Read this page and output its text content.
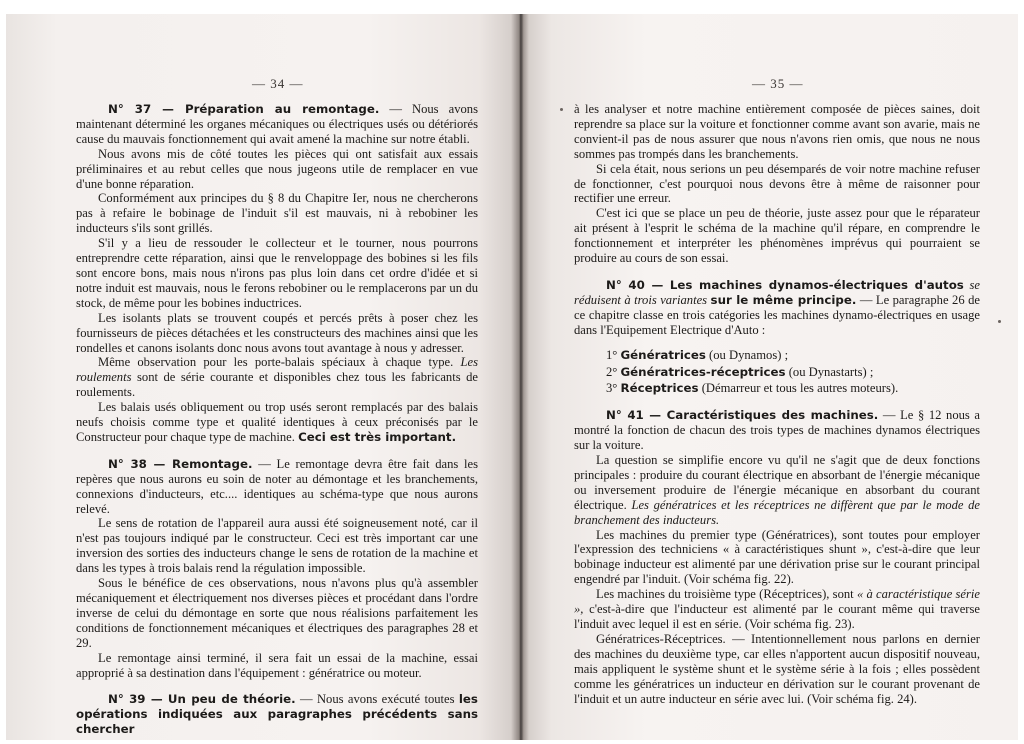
— 34 —

N° 37 — Préparation au remontage. — Nous avons maintenant déterminé les organes mécaniques ou électriques usés ou détériorés cause du mauvais fonctionnement qui avait amené la machine sur notre établi.

Nous avons mis de côté toutes les pièces qui ont satisfait aux essais préliminaires et au rebut celles que nous jugeons utile de remplacer en vue d'une bonne réparation.

Conformément aux principes du § 8 du Chapitre Ier, nous ne chercherons pas à refaire le bobinage de l'induit s'il est mauvais, ni à rebobiner les inducteurs s'ils sont grillés.

S'il y a lieu de ressouder le collecteur et le tourner, nous pourrons entreprendre cette réparation, ainsi que le renveloppage des bobines si les fils sont encore bons, mais nous n'irons pas plus loin dans cet ordre d'idée et si notre induit est mauvais, nous le ferons rebobiner ou le remplacerons par un du stock, de même pour les bobines inductrices.

Les isolants plats se trouvent coupés et percés prêts à poser chez les fournisseurs de pièces détachées et les constructeurs des machines ainsi que les rondelles et canons isolants donc nous avons tout avantage à nous y adresser.

Même observation pour les porte-balais spéciaux à chaque type. Les roulements sont de série courante et disponibles chez tous les fabricants de roulements.

Les balais usés obliquement ou trop usés seront remplacés par des balais neufs choisis comme type et qualité identiques à ceux préconisés par le Constructeur pour chaque type de machine. Ceci est très important.

N° 38 — Remontage. — Le remontage devra être fait dans les repères que nous aurons eu soin de noter au démontage et les branchements, connexions d'inducteurs, etc.... identiques au schéma-type que nous aurons relevé.

Le sens de rotation de l'appareil aura aussi été soigneusement noté, car il n'est pas toujours indiqué par le constructeur. Ceci est très important car une inversion des sorties des inducteurs change le sens de rotation de la machine et dans les types à trois balais rend la régulation impossible.

Sous le bénéfice de ces observations, nous n'avons plus qu'à assembler mécaniquement et électriquement nos diverses pièces et procédant dans l'ordre inverse de celui du démontage en sorte que nous réalisions parfaitement les conditions de fonctionnement mécaniques et électriques des paragraphes 28 et 29.

Le remontage ainsi terminé, il sera fait un essai de la machine, essai approprié à sa destination dans l'équipement : génératrice ou moteur.

N° 39 — Un peu de théorie. — Nous avons exécuté toutes les opérations indiquées aux paragraphes précédents sans chercher

— 35 —

à les analyser et notre machine entièrement composée de pièces saines, doit reprendre sa place sur la voiture et fonctionner comme avant son avarie, mais ne convient-il pas de nous assurer que nous n'avons rien omis, que nous ne nous sommes pas trompés dans les branchements.

Si cela était, nous serions un peu désemparés de voir notre machine refuser de fonctionner, c'est pourquoi nous devons être à même de raisonner pour rectifier une erreur.

C'est ici que se place un peu de théorie, juste assez pour que le réparateur ait présent à l'esprit le schéma de la machine qu'il répare, en comprendre le fonctionnement et interpréter les phénomènes imprévus qui pourraient se produire au cours de son essai.

N° 40 — Les machines dynamos-électriques d'autos se réduisent à trois variantes sur le même principe. — Le paragraphe 26 de ce chapitre classe en trois catégories les machines dynamo-électriques en usage dans l'Equipement Electrique d'Auto :

1° Génératrices (ou Dynamos) ;

2° Génératrices-réceptrices (ou Dynastarts) ;

3° Réceptrices (Démarreur et tous les autres moteurs).

N° 41 — Caractéristiques des machines. — Le § 12 nous a montré la fonction de chacun des trois types de machines dynamos électriques sur la voiture.

La question se simplifie encore vu qu'il ne s'agit que de deux fonctions principales : produire du courant électrique en absorbant de l'énergie mécanique ou inversement produire de l'énergie mécanique en absorbant du courant électrique. Les génératrices et les réceptrices ne diffèrent que par le mode de branchement des inducteurs.

Les machines du premier type (Génératrices), sont toutes pour employer l'expression des techniciens « à caractéristiques shunt », c'est-à-dire que leur bobinage inducteur est alimenté par une dérivation prise sur le courant principal engendré par l'induit. (Voir schéma fig. 22).

Les machines du troisième type (Réceptrices), sont « à caractéristique série », c'est-à-dire que l'inducteur est alimenté par le courant même qui traverse l'induit avec lequel il est en série. (Voir schéma fig. 23).

Génératrices-Réceptrices. — Intentionnellement nous parlons en dernier des machines du deuxième type, car elles n'apportent aucun dispositif nouveau, mais appliquent le système shunt et le système série à la fois ; elles possèdent comme les génératrices un inducteur en dérivation sur le courant provenant de l'induit et un autre inducteur en série avec lui. (Voir schéma fig. 24).
